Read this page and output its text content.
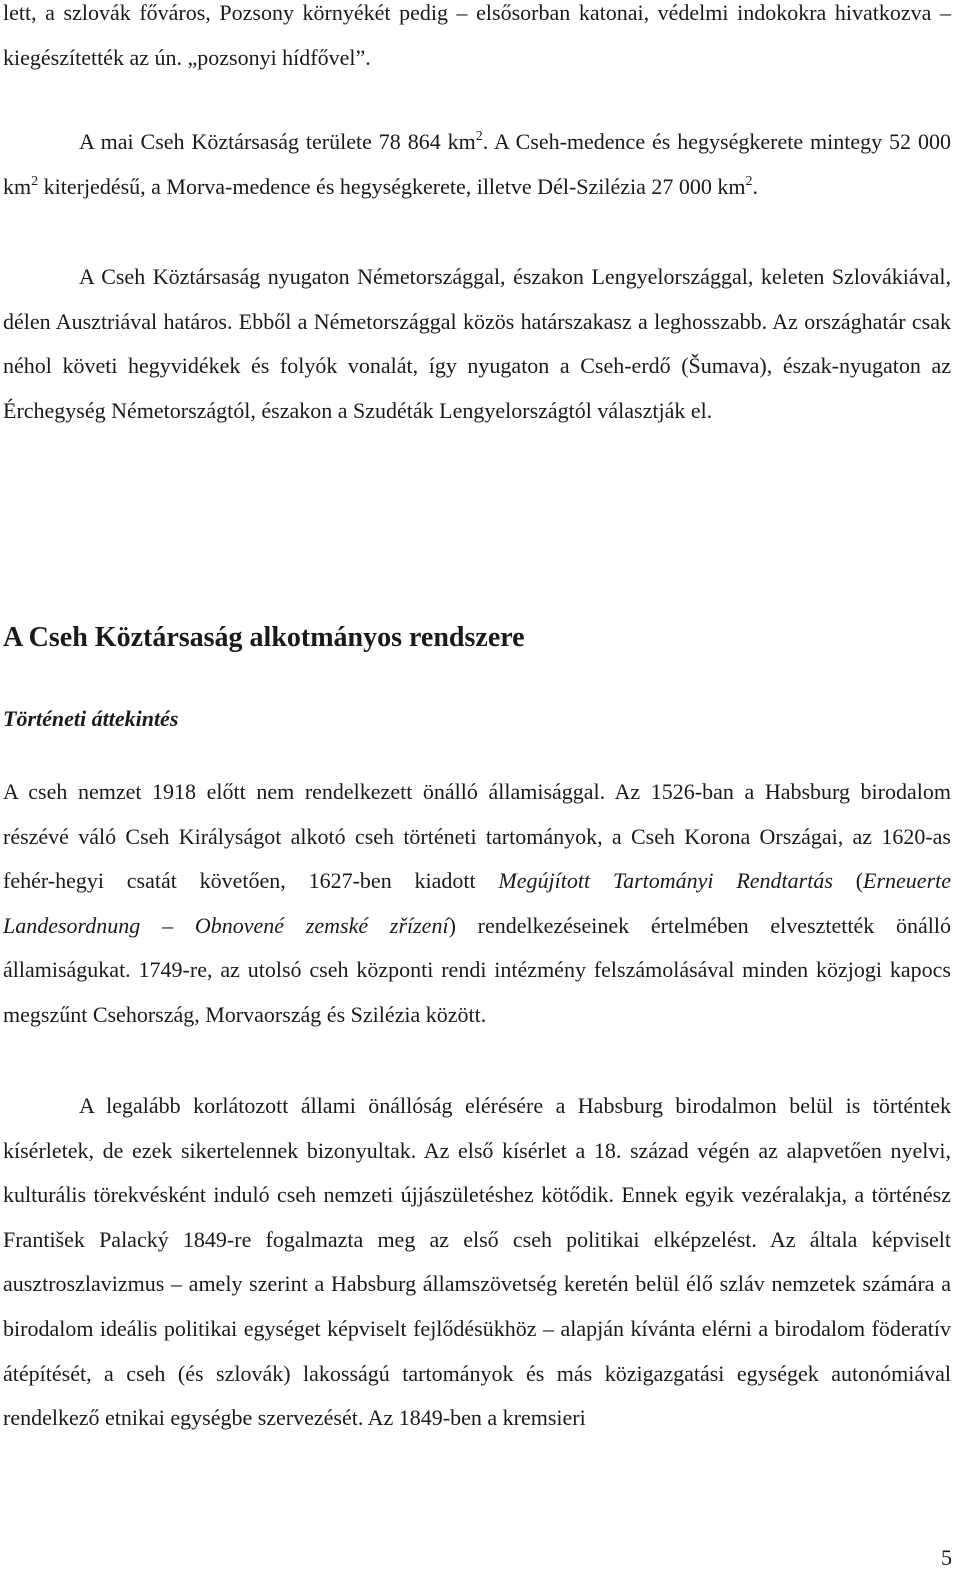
lett, a szlovák főváros, Pozsony környékét pedig – elsősorban katonai, védelmi indokokra hivatkozva – kiegészítették az ún. „pozsonyi hídfővel”.

A mai Cseh Köztársaság területe 78 864 $km^2$. A Cseh-medence és hegységkerete mintegy 52 000 $km^2$ kiterjedésű, a Morva-medence és hegységkerete, illetve Dél-Szilézia 27 000 $km^2$.

A Cseh Köztársaság nyugaton Németországgal, északon Lengyelországgal, keleten Szlovákiával, délen Ausztriával határos. Ebből a Németországgal közös határszakasz a leghosszabb. Az országhatár csak néhol követi hegyvidékek és folyók vonalát, így nyugaton a Cseh-erdő (Šumava), észak-nyugaton az Érchegység Németországtól, északon a Szudéták Lengyelországtól választják el.

A Cseh Köztársaság alkotmányos rendszere
Történeti áttekintés

A cseh nemzet 1918 előtt nem rendelkezett önálló államisággal. Az 1526-ban a Habsburg birodalom részévé váló Cseh Királyságot alkotó cseh történeti tartományok, a Cseh Korona Országai, az 1620-as fehér-hegyi csatát követően, 1627-ben kiadott Megújított Tartományi Rendtartás (Erneuerte Landesordnung – Obnovené zemské zřízení) rendelkezéseinek értelmében elvesztették önálló államiságukat. 1749-re, az utolsó cseh központi rendi intézmény felszámolásával minden közjogi kapocs megszűnt Csehország, Morvaország és Szilézia között.

A legalább korlátozott állami önállóság elérésére a Habsburg birodalmon belül is történtek kísérletek, de ezek sikertelennek bizonyultak. Az első kísérlet a 18. század végén az alapvetően nyelvi, kulturális törekvésként induló cseh nemzeti újjászületéshez kötődik. Ennek egyik vezéralakja, a történész František Palacký 1849-re fogalmazta meg az első cseh politikai elképzelést. Az általa képviselt ausztroszlavizmus – amely szerint a Habsburg államszövetség keretén belül élő szláv nemzetek számára a birodalom ideális politikai egységet képviselt fejlődésükhöz – alapján kívánta elérni a birodalom föderatív átépítését, a cseh (és szlovák) lakosságú tartományok és más közigazgatási egységek autonómiával rendelkező etnikai egységbe szervezését. Az 1849-ben a kremsieri

5
